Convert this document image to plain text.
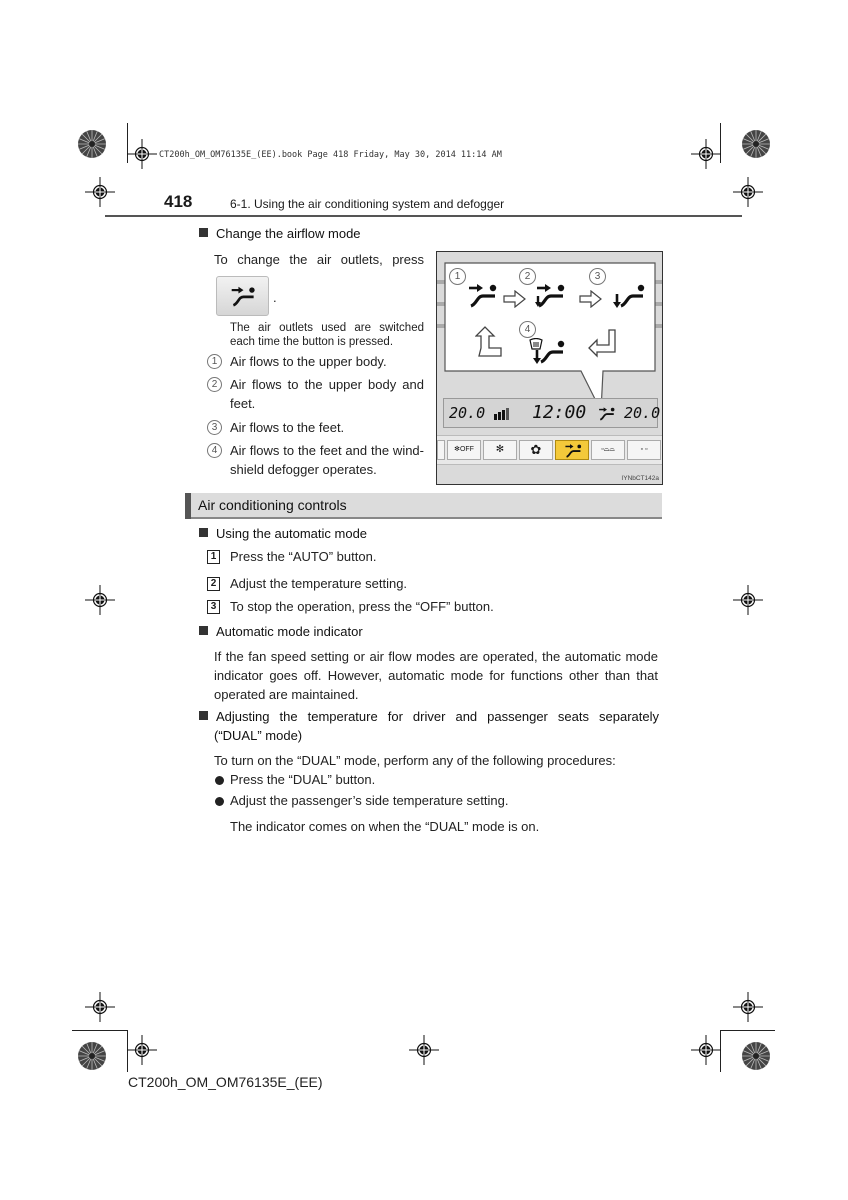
CT200h_OM_OM76135E_(EE).book Page 418 Friday, May 30, 2014 11:14 AM
418	6-1. Using the air conditioning system and defogger
Change the airflow mode
To change the air outlets, press
.
The air outlets used are switched
each time the button is pressed.
1 Air flows to the upper body.
2 Air flows to the upper body and
feet.
3 Air flows to the feet.
4 Air flows to the feet and the wind-
shield defogger operates.
1	2	3
4
20.0	12:00	20.0
✻OFF	✻	✿	▫⌓⌓	▫ ▫
IYNbCT142a
Air conditioning controls
Using the automatic mode
1 Press the “AUTO” button.
2 Adjust the temperature setting.
3 To stop the operation, press the “OFF” button.
Automatic mode indicator
If the fan speed setting or air flow modes are operated, the automatic mode
indicator goes off. However, automatic mode for functions other than that
operated are maintained.
Adjusting the temperature for driver and passenger seats separately
(“DUAL” mode)
To turn on the “DUAL” mode, perform any of the following procedures:
Press the “DUAL” button.
Adjust the passenger’s side temperature setting.
The indicator comes on when the “DUAL” mode is on.
CT200h_OM_OM76135E_(EE)
